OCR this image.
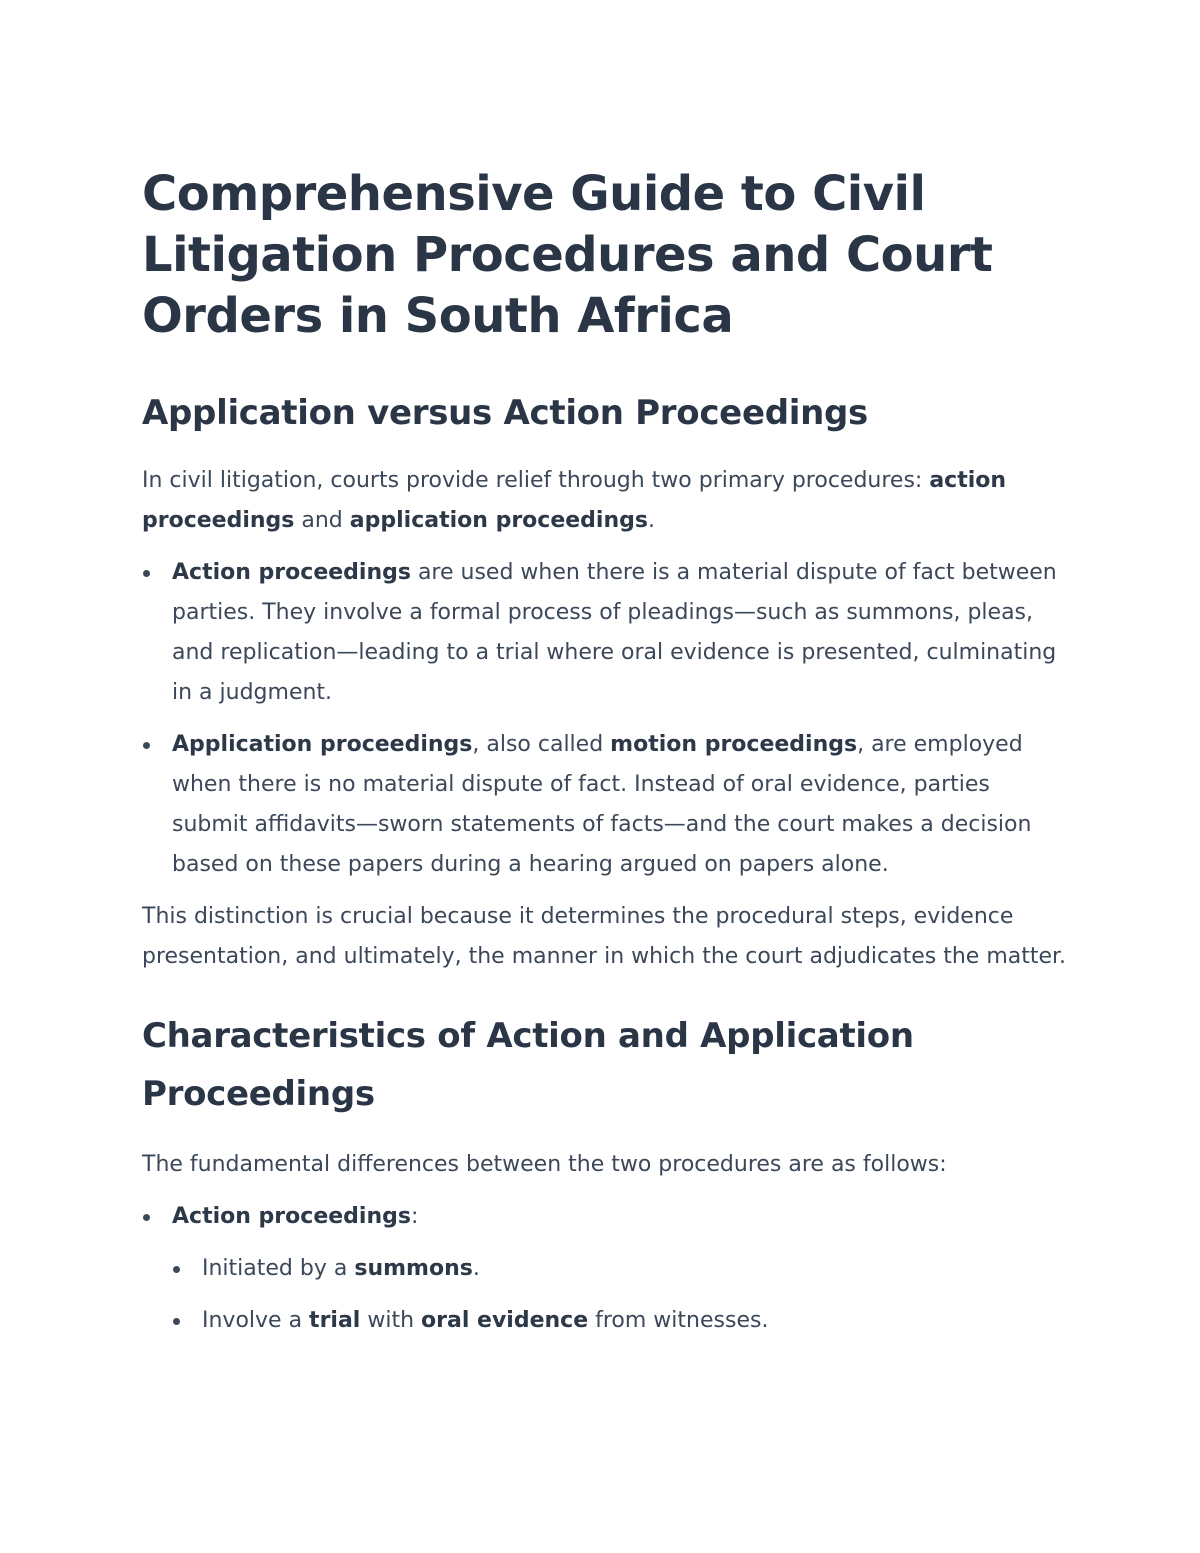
Comprehensive Guide to Civil Litigation Procedures and Court Orders in South Africa
Application versus Action Proceedings

In civil litigation, courts provide relief through two primary procedures: action proceedings and application proceedings.

Action proceedings are used when there is a material dispute of fact between parties. They involve a formal process of pleadings—such as summons, pleas, and replication—leading to a trial where oral evidence is presented, culminating in a judgment.
Application proceedings, also called motion proceedings, are employed when there is no material dispute of fact. Instead of oral evidence, parties submit affidavits—sworn statements of facts—and the court makes a decision based on these papers during a hearing argued on papers alone.

This distinction is crucial because it determines the procedural steps, evidence presentation, and ultimately, the manner in which the court adjudicates the matter.

Characteristics of Action and Application Proceedings

The fundamental differences between the two procedures are as follows:

Action proceedings:
Initiated by a summons.
Involve a trial with oral evidence from witnesses.
